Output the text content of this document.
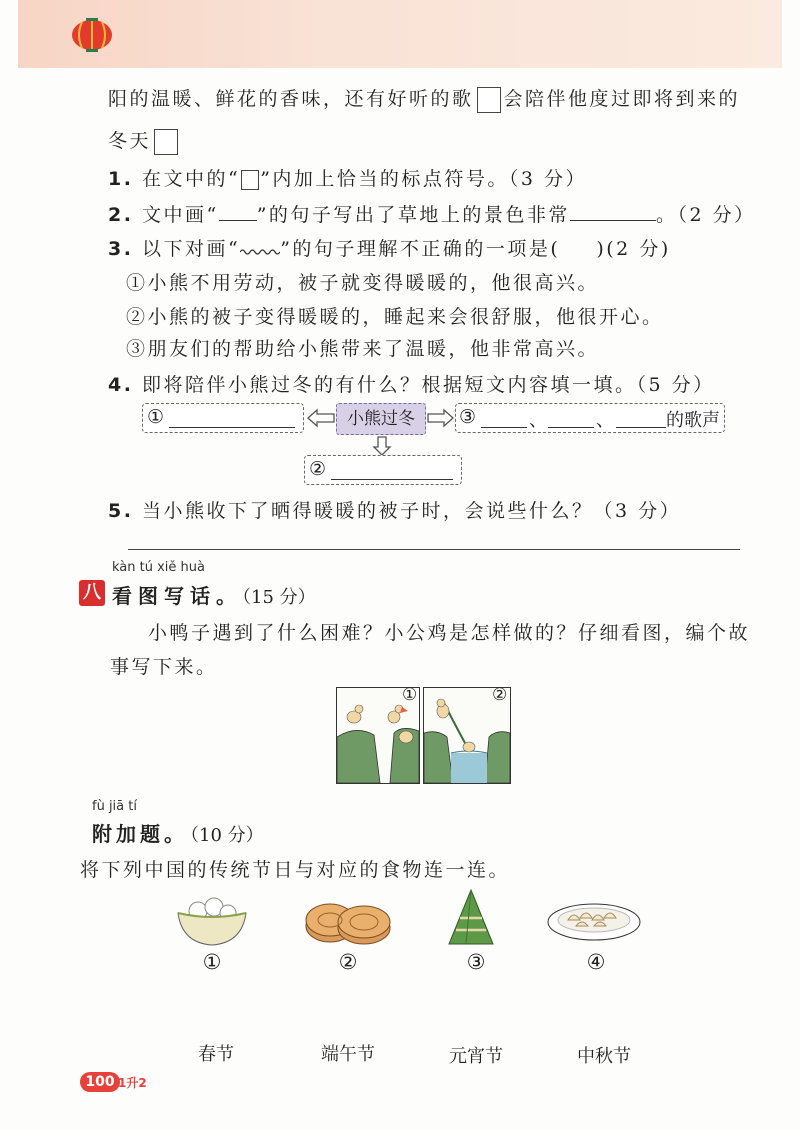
阳的温暖、鲜花的香味，还有好听的歌 会陪伴他度过即将到来的
冬天
1. 在文中的“ ”内加上恰当的标点符号。（3 分）
2. 文中画“ ”的句子写出了草地上的景色非常	。（2 分）
3. 以下对画“ ”的句子理解不正确的一项是( )(2 分)
①小熊不用劳动，被子就变得暖暖的，他很高兴。
②小熊的被子变得暖暖的，睡起来会很舒服，他很开心。
③朋友们的帮助给小熊带来了温暖，他非常高兴。
4. 即将陪伴小熊过冬的有什么？根据短文内容填一填。（5 分）
①	小熊过冬	③	、	、	的歌声
②
5. 当小熊收下了晒得暖暖的被子时，会说些什么？（3 分）
kàn tú xiě huà
八 看图写话。（15 分）
小鸭子遇到了什么困难？小公鸡是怎样做的？仔细看图，编个故
事写下来。
①	②
fù jiā tí
附加题。（10 分）
将下列中国的传统节日与对应的食物连一连。
①	②	③	④
春节	端午节	元宵节	中秋节
100 1升2
